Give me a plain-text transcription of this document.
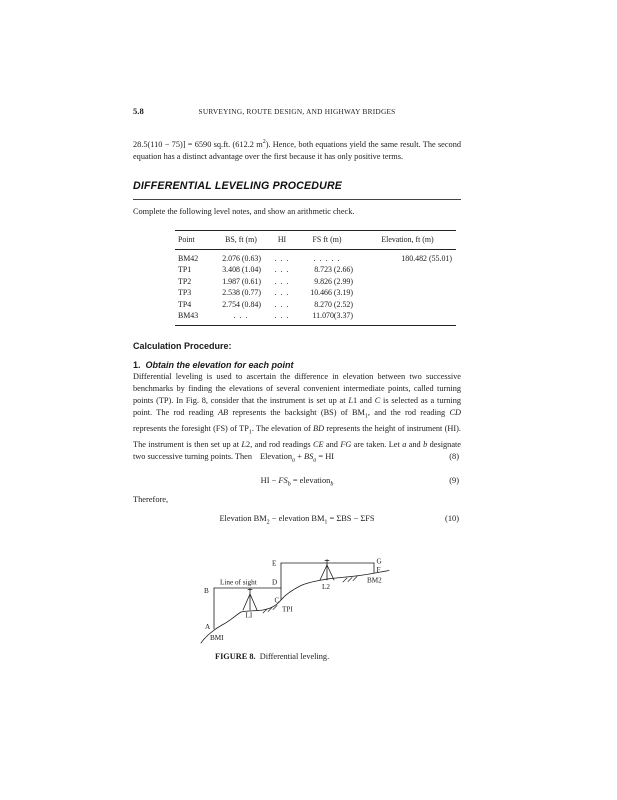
5.8	SURVEYING, ROUTE DESIGN, AND HIGHWAY BRIDGES
28.5(110 − 75)] = 6590 sq.ft. (612.2 $m^2$). Hence, both equations yield the same result. The second equation has a distinct advantage over the first because it has only positive terms.
DIFFERENTIAL LEVELING PROCEDURE
Complete the following level notes, and show an arithmetic check.
Point	BS, ft (m)	HI	FS ft (m)	Elevation, ft (m)
BM42	2.076 (0.63)	. . .	. . . . .	180.482 (55.01)
TP1	3.408 (1.04)	. . .	8.723 (2.66)	
TP2	1.987 (0.61)	. . .	9.826 (2.99)	
TP3	2.538 (0.77)	. . .	10.466 (3.19)	
TP4	2.754 (0.84)	. . .	8.270 (2.52)	
BM43	. . .	. . .	11.070(3.37)	
Calculation Procedure:
1.  Obtain the elevation for each point
Differential leveling is used to ascertain the difference in elevation between two successive benchmarks by finding the elevations of several convenient intermediate points, called turning points (TP). In Fig. 8, consider that the instrument is set up at L1 and C is selected as a turning point. The rod reading AB represents the backsight (BS) of $BM_1$, and the rod reading CD represents the foresight (FS) of $TP_1$. The elevation of BD represents the height of instrument (HI). The instrument is then set up at L2, and rod readings CE and FG are taken. Let a and b designate two successive turning points. Then Elevation$_a$ + $BS_a$ = HI	(8)
HI − $FS_b$ = elevation$_b$	(9)
Therefore,
Elevation $BM_2$ − elevation $BM_1 = \Sigma BS - \Sigma FS$	(10)
B
Line of sight D
E	G
F
BM2
L2
C
TPI
LI
A
BMI
FIGURE 8. Differential leveling.
